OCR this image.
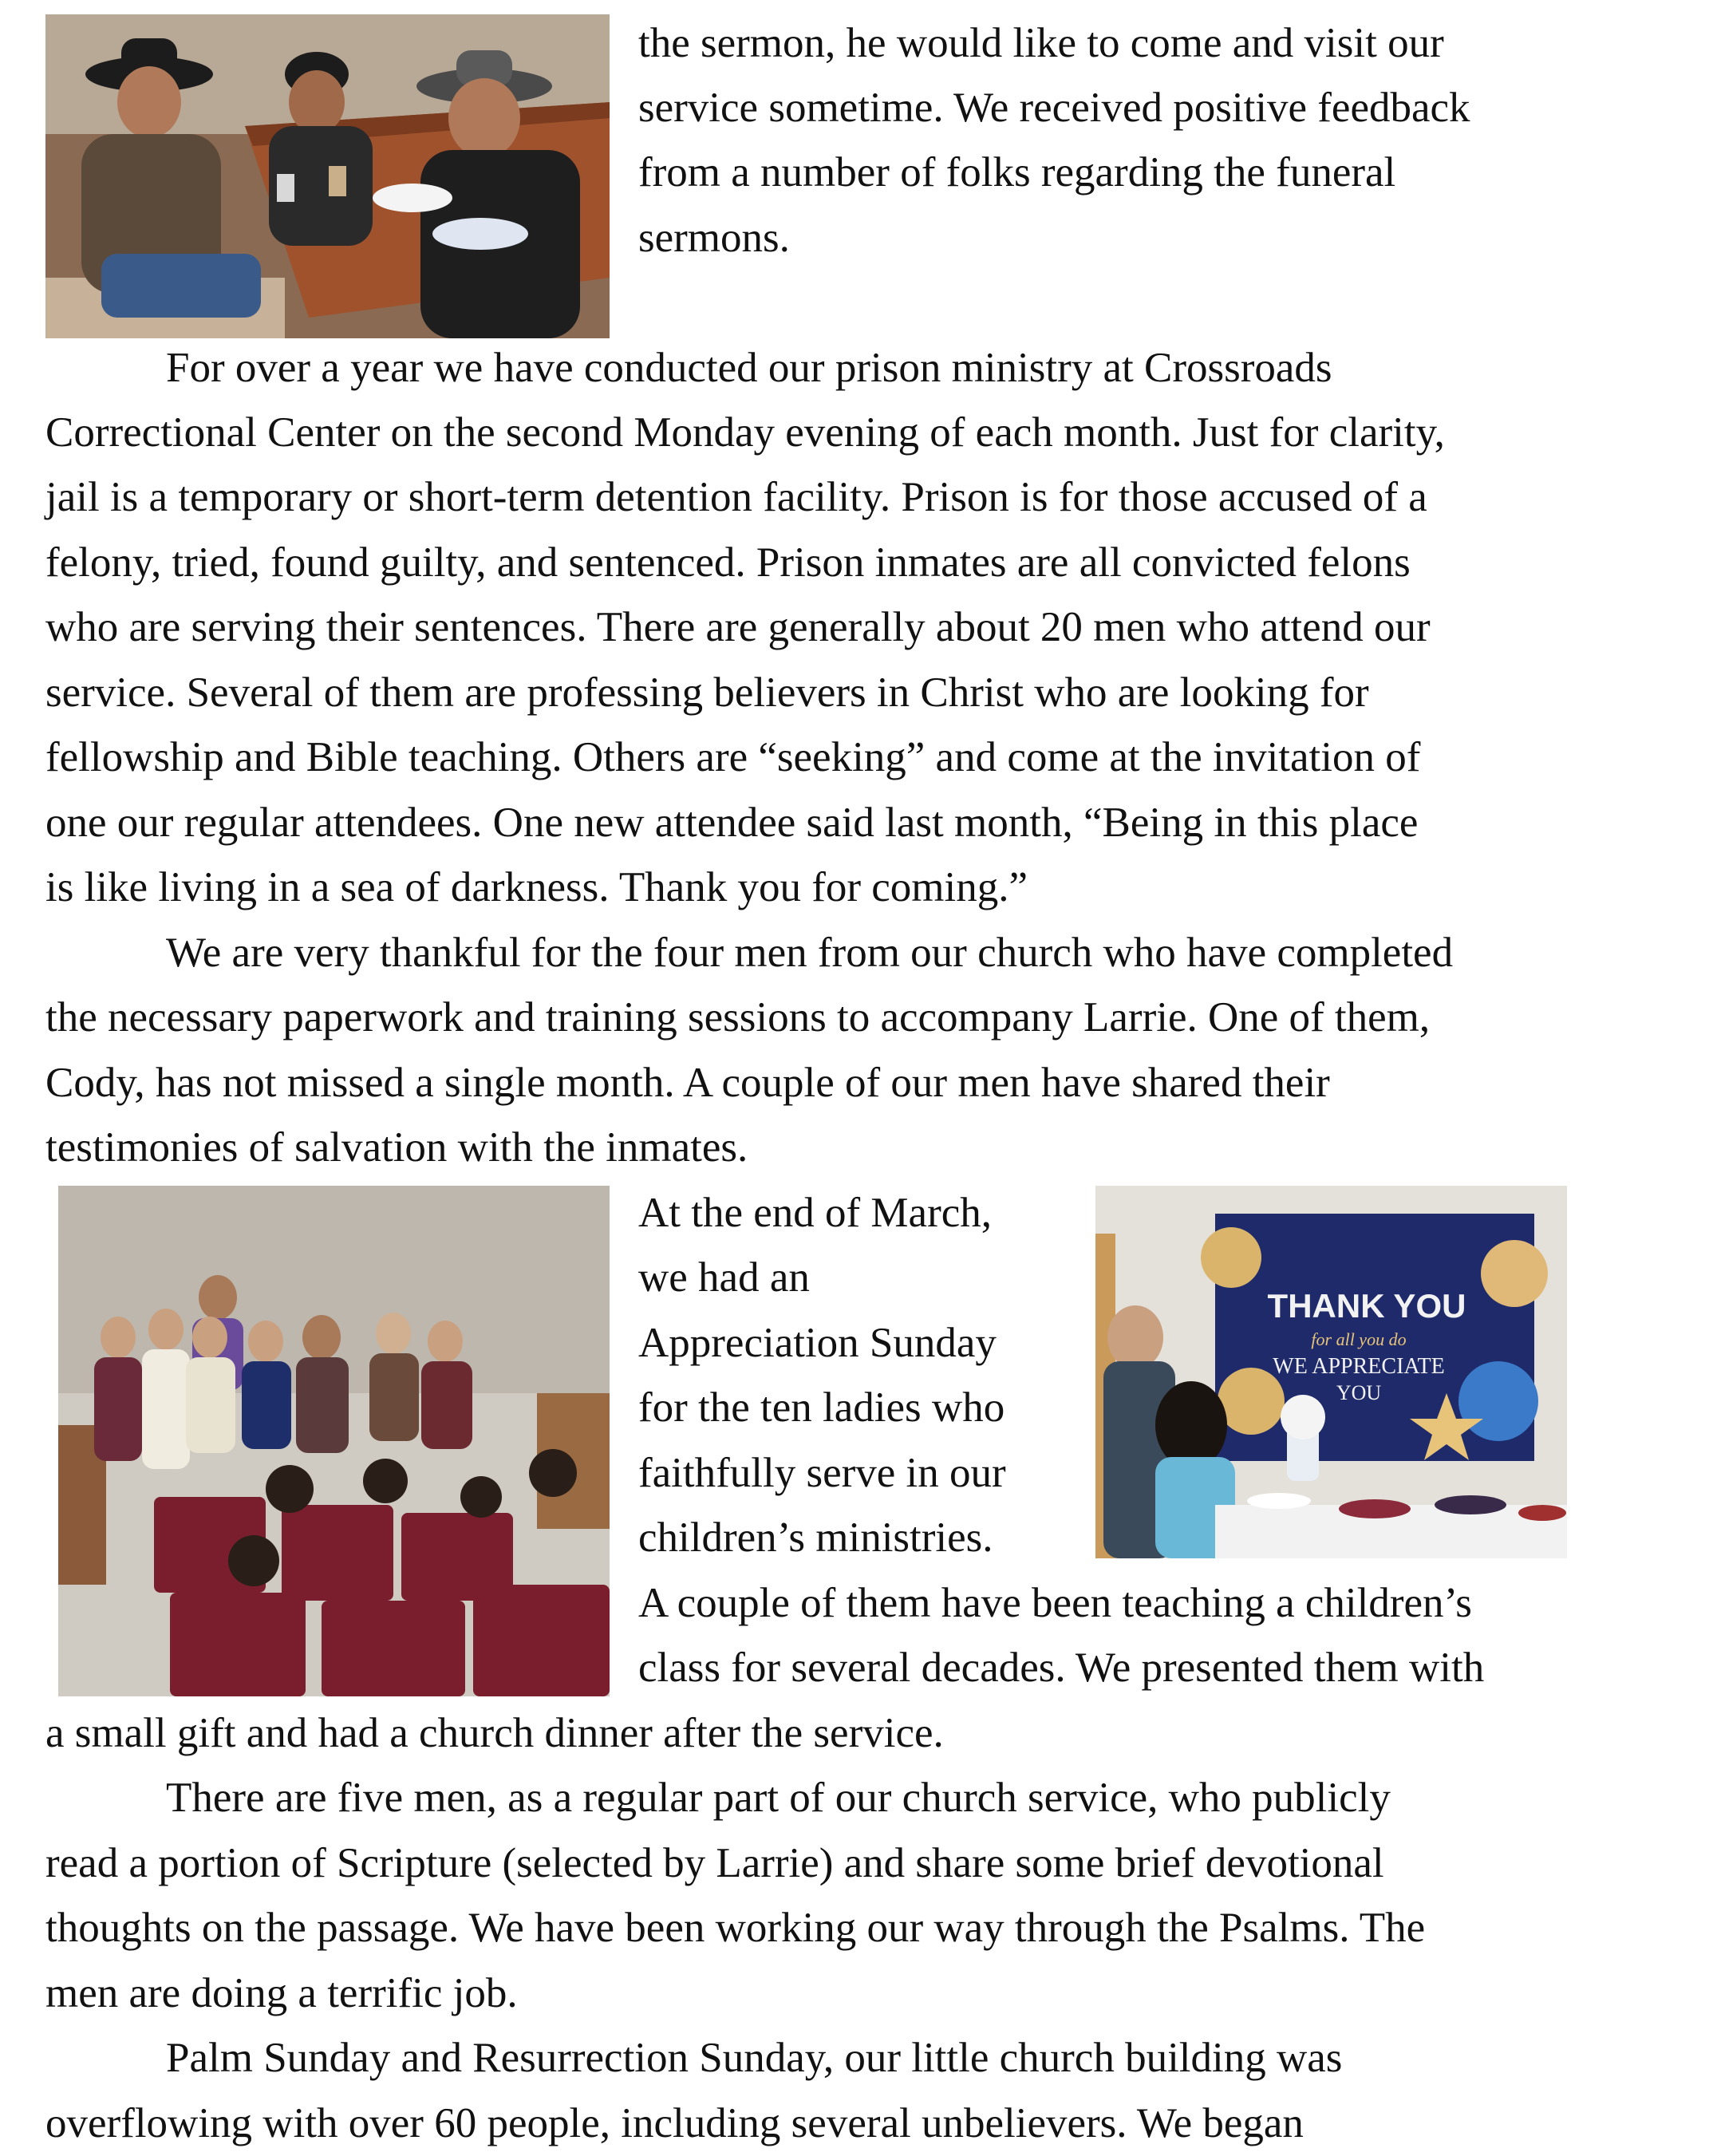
THANK YOU
for all you do
WE APPRECIATE
YOU

the sermon, he would like to come and visit our

service sometime. We received positive feedback

from a number of folks regarding the funeral

sermons.

For over a year we have conducted our prison ministry at Crossroads

Correctional Center on the second Monday evening of each month. Just for clarity,

jail is a temporary or short-term detention facility. Prison is for those accused of a

felony, tried, found guilty, and sentenced. Prison inmates are all convicted felons

who are serving their sentences. There are generally about 20 men who attend our

service. Several of them are professing believers in Christ who are looking for

fellowship and Bible teaching. Others are “seeking” and come at the invitation of

one our regular attendees. One new attendee said last month, “Being in this place

is like living in a sea of darkness. Thank you for coming.”

We are very thankful for the four men from our church who have completed

the necessary paperwork and training sessions to accompany Larrie. One of them,

Cody, has not missed a single month. A couple of our men have shared their

testimonies of salvation with the inmates.

At the end of March,

we had an

Appreciation Sunday

for the ten ladies who

faithfully serve in our

children’s ministries.

A couple of them have been teaching a children’s

class for several decades. We presented them with

a small gift and had a church dinner after the service.

There are five men, as a regular part of our church service, who publicly

read a portion of Scripture (selected by Larrie) and share some brief devotional

thoughts on the passage. We have been working our way through the Psalms. The

men are doing a terrific job.

Palm Sunday and Resurrection Sunday, our little church building was

overflowing with over 60 people, including several unbelievers. We began
